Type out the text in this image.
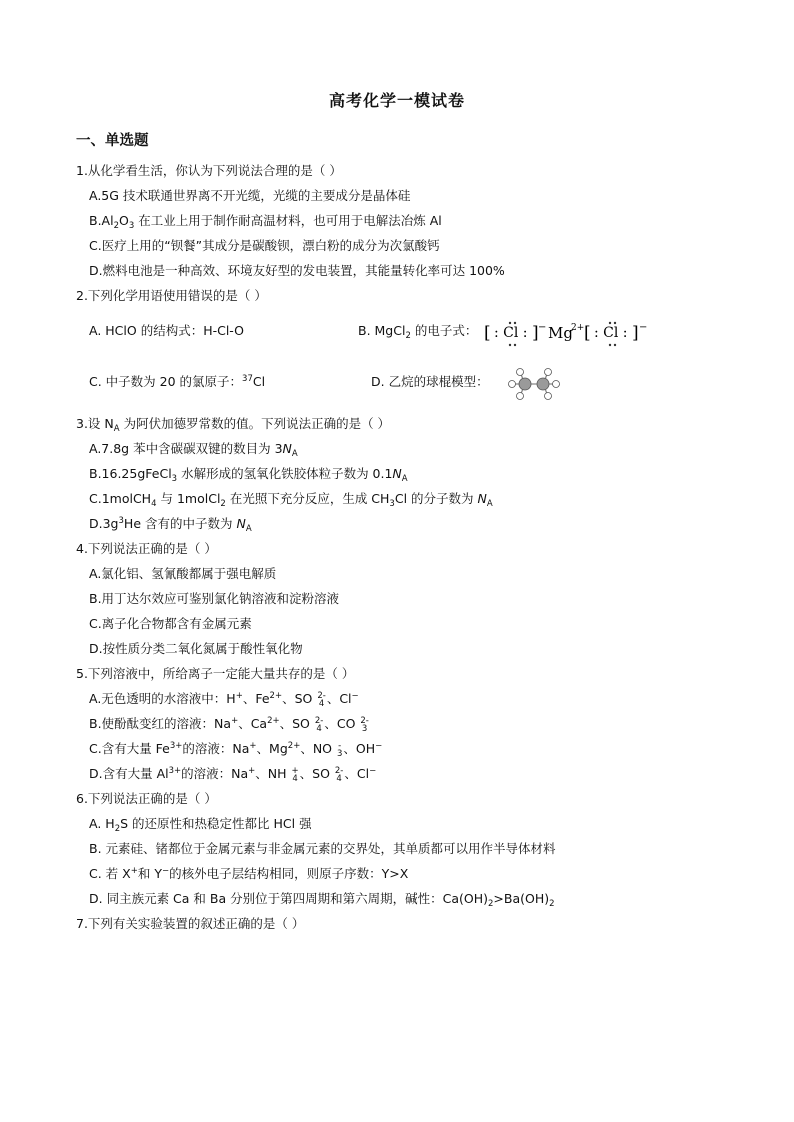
高考化学一模试卷
一、单选题
1.从化学看生活，你认为下列说法合理的是（ ）
A.5G 技术联通世界离不开光缆，光缆的主要成分是晶体硅
$B.Al_2O_3$ 在工业上用于制作耐高温材料，也可用于电解法冶炼 Al
C.医疗上用的“钡餐”其成分是碳酸钡，漂白粉的成分为次氯酸钙
D.燃料电池是一种高效、环境友好型的发电装置，其能量转化率可达 100%
2.下列化学用语使用错误的是（ ）
A. HClO 的结构式：H-Cl-O	B. MgCl$_2$ 的电子式： [ : Cl : ] − Mg
2+ [ : Cl : ] −
C. 中子数为 20 的氯原子：$^{37}$Cl	D. 乙烷的球棍模型：
3.设 $N_A$ 为阿伏加德罗常数的值。下列说法正确的是（ ）
A.7.8g 苯中含碳碳双键的数目为 $3N_A$
B.16.25gFeCl$_3$ 水解形成的氢氧化铁胶体粒子数为 $0.1N_A$
C.1molCH$_4$ 与 1molCl$_2$ 在光照下充分反应，生成 $CH_3Cl$ 的分子数为 $N_A$
$D.3g^3He$ 含有的中子数为 $N_A$
4.下列说法正确的是（ ）
A.氯化铝、氢氰酸都属于强电解质
B.用丁达尔效应可鉴别氯化钠溶液和淀粉溶液
C.离子化合物都含有金属元素
D.按性质分类二氧化氮属于酸性氧化物
5.下列溶液中，所给离子一定能大量共存的是（ ）
A.无色透明的水溶液中：H+、$Fe^{2+}$、SO 2-
4 、Cl−
B.使酚酞变红的溶液：Na+、$Ca^{2+}$、SO 2-
4 、CO 2-
3
C.含有大量 $Fe^{3+}$的溶液：Na+、$Mg^{2+}$、NO -
3 、OH−
D.含有大量 $Al^{3+}$的溶液：Na+、NH +
4 、SO 2-
4 、Cl−
6.下列说法正确的是（ ）
A. $H_2S$ 的还原性和热稳定性都比 HCl 强
B. 元素硅、锗都位于金属元素与非金属元素的交界处，其单质都可以用作半导体材料
C. 若 X+和 Y−的核外电子层结构相同，则原子序数：Y>X
D. 同主族元素 Ca 和 Ba 分别位于第四周期和第六周期，碱性：$Ca(OH)_2>Ba(OH)_2$
7.下列有关实验装置的叙述正确的是（ ）
